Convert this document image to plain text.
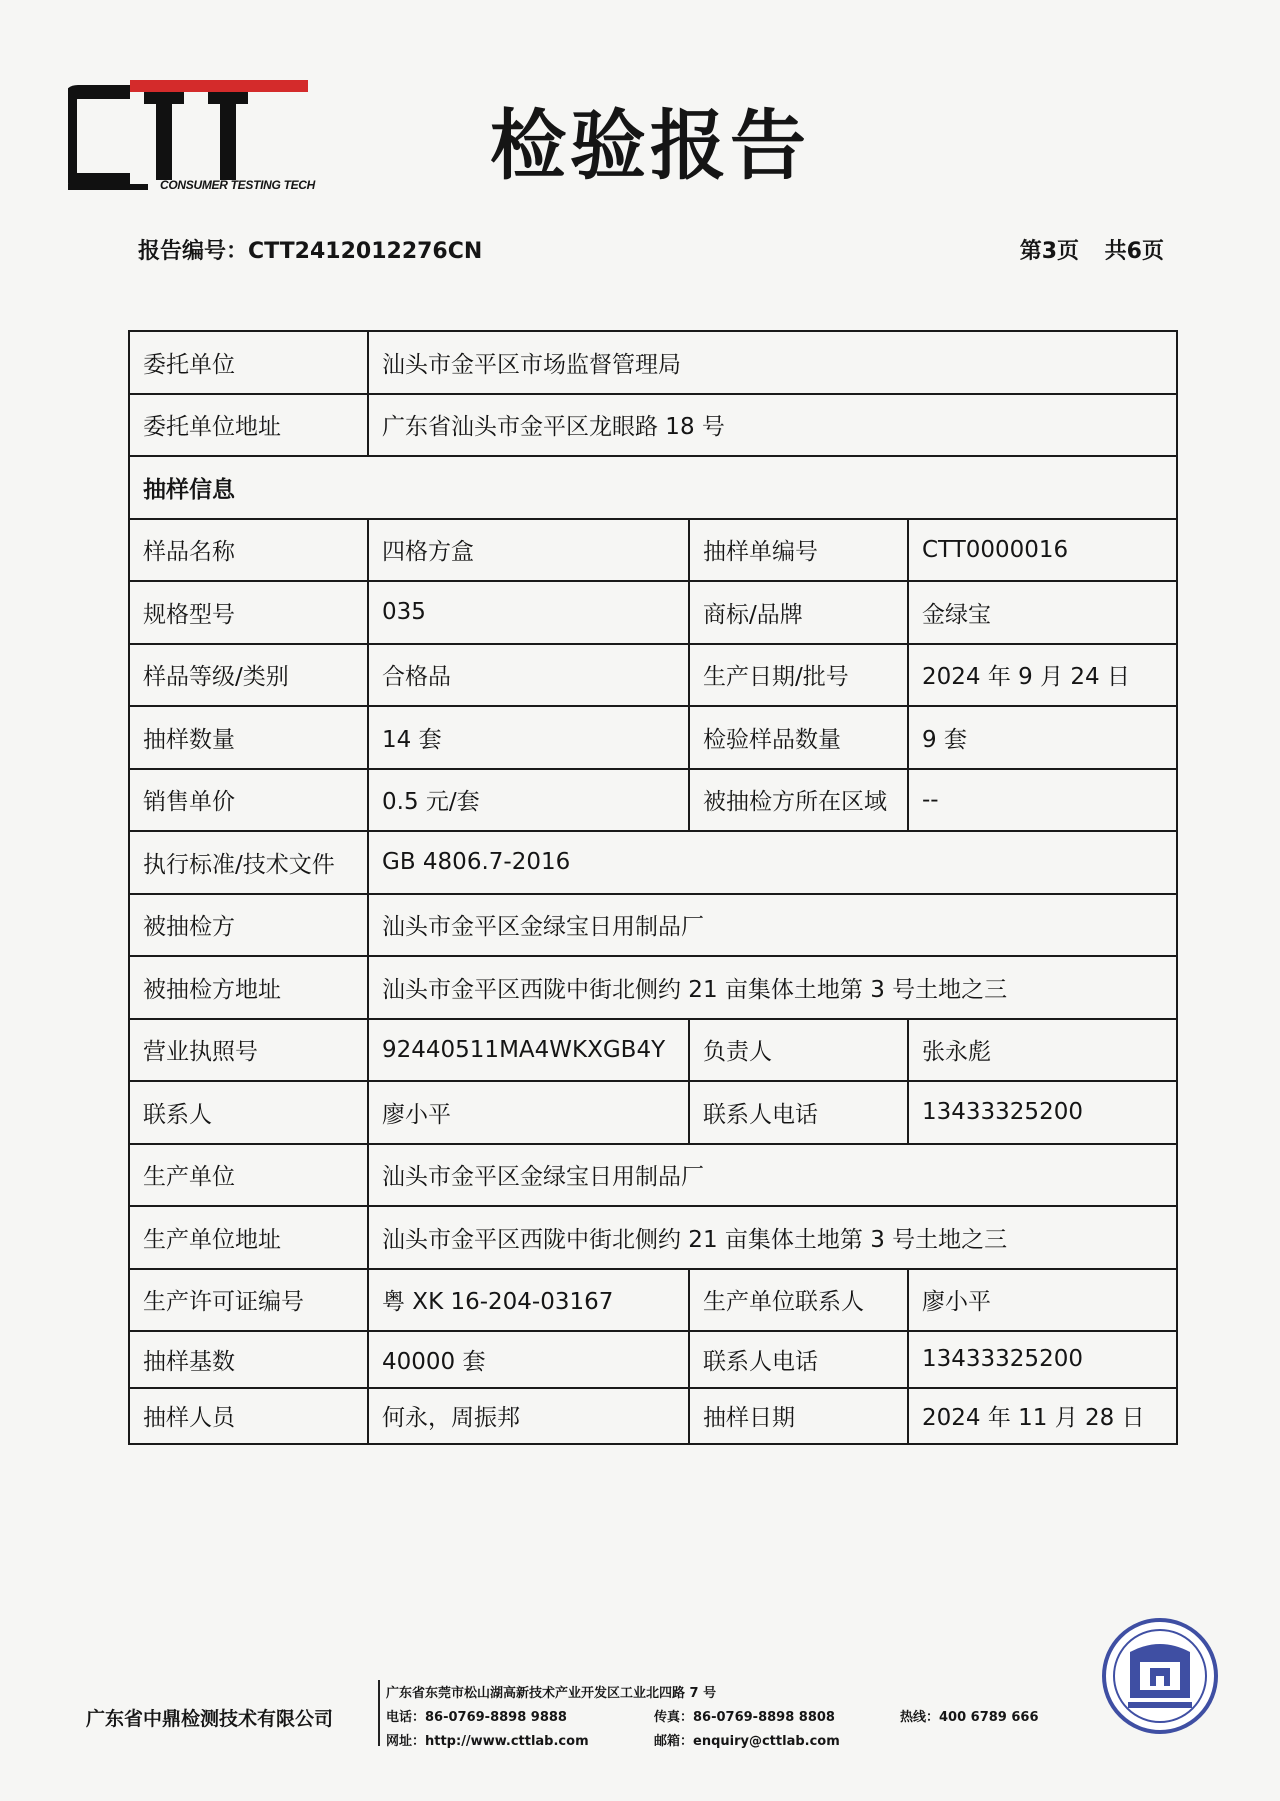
CONSUMER TESTING TECH 检验报告
报告编号：CTT2412012276CN	第3页 共6页
委托单位	汕头市金平区市场监督管理局		
委托单位地址	广东省汕头市金平区龙眼路 18 号		
抽样信息			
样品名称	四格方盒	抽样单编号	CTT0000016
规格型号	035	商标/品牌	金绿宝
样品等级/类别	合格品	生产日期/批号	2024 年 9 月 24 日
抽样数量	14 套	检验样品数量	9 套
销售单价	0.5 元/套	被抽检方所在区域	--
执行标准/技术文件	GB 4806.7-2016		
被抽检方	汕头市金平区金绿宝日用制品厂		
被抽检方地址	汕头市金平区西陇中街北侧约 21 亩集体土地第 3 号土地之三		
营业执照号	92440511MA4WKXGB4Y	负责人	张永彪
联系人	廖小平	联系人电话	13433325200
生产单位	汕头市金平区金绿宝日用制品厂		
生产单位地址	汕头市金平区西陇中街北侧约 21 亩集体土地第 3 号土地之三		
生产许可证编号	粤 XK 16-204-03167	生产单位联系人	廖小平
抽样基数	40000 套	联系人电话	13433325200
抽样人员	何永，周振邦	抽样日期	2024 年 11 月 28 日
广东省中鼎检测技术有限公司
广东省东莞市松山湖高新技术产业开发区工业北四路 7 号
电话：86-0769-8898 9888	传真：86-0769-8898 8808	热线：400 6789 666
网址：http://www.cttlab.com	邮箱：enquiry@cttlab.com
